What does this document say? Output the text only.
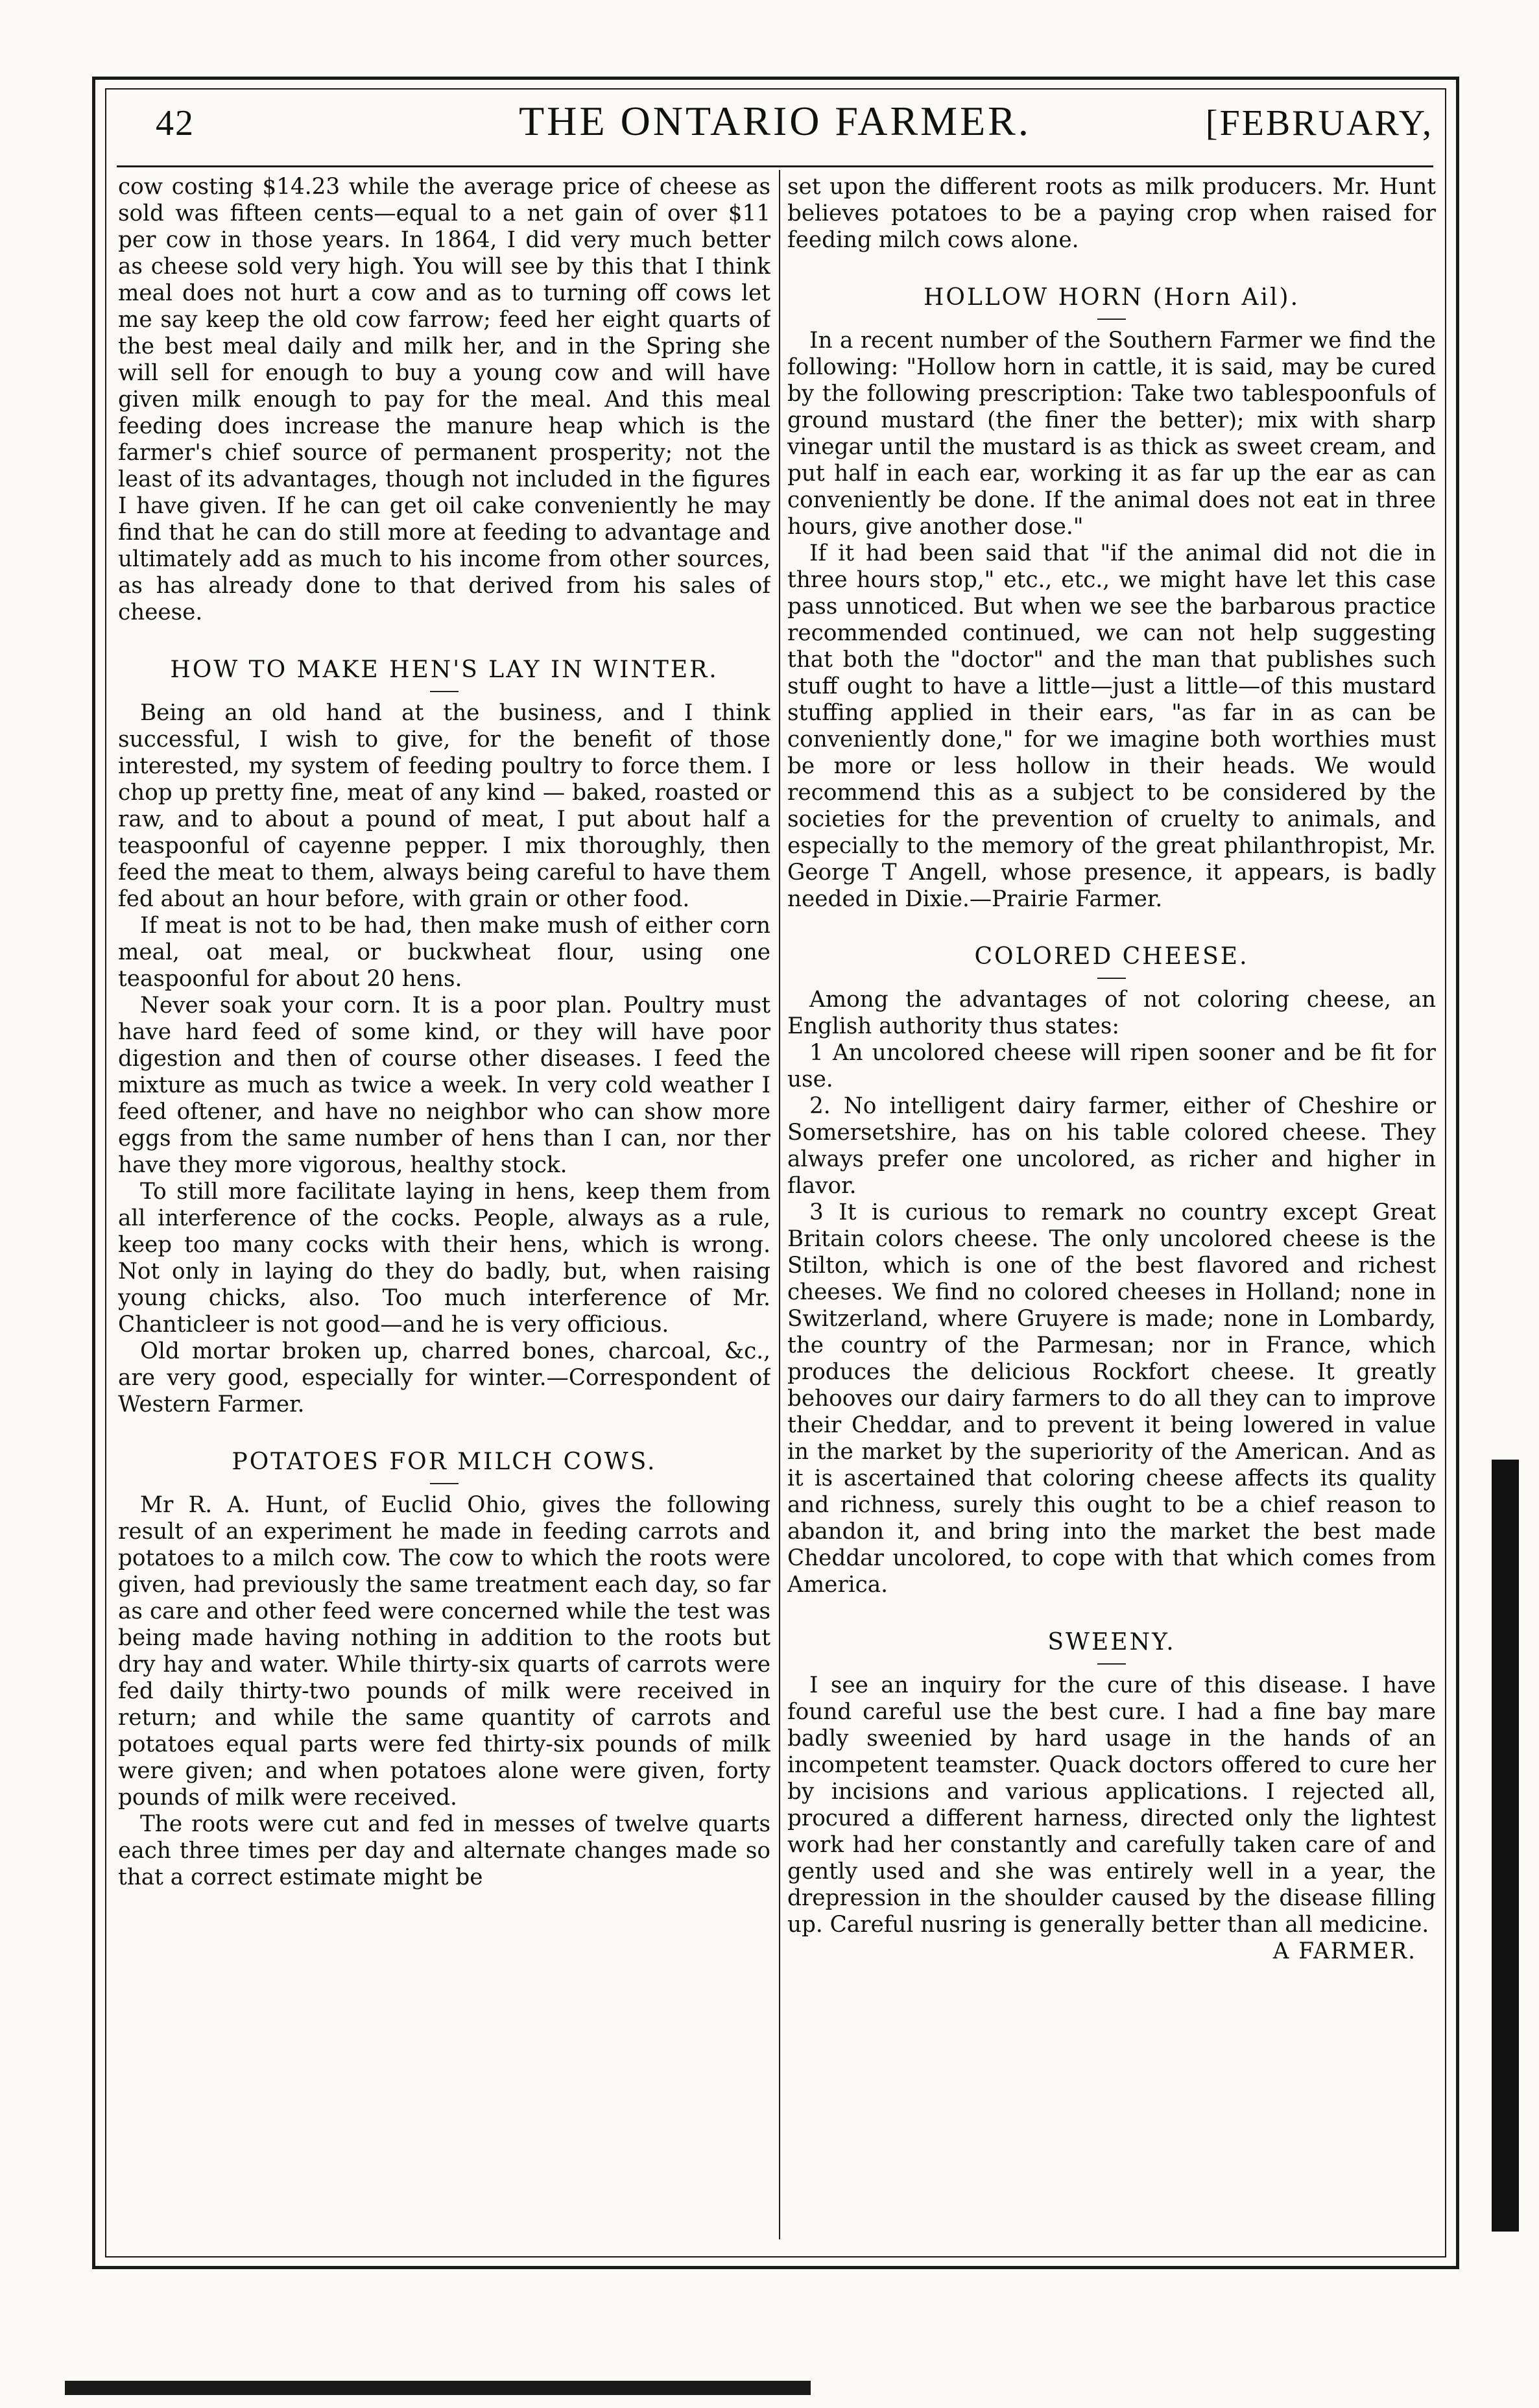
42	THE ONTARIO FARMER.	[FEBRUARY,

cow costing $14.23 while the average price of cheese as sold was fifteen cents—equal to a net gain of over $11 per cow in those years. In 1864, I did very much better as cheese sold very high. You will see by this that I think meal does not hurt a cow and as to turning off cows let me say keep the old cow farrow; feed her eight quarts of the best meal daily and milk her, and in the Spring she will sell for enough to buy a young cow and will have given milk enough to pay for the meal. And this meal feeding does increase the manure heap which is the farmer's chief source of permanent prosperity; not the least of its advantages, though not included in the figures I have given. If he can get oil cake conveniently he may find that he can do still more at feeding to advantage and ultimately add as much to his income from other sources, as has already done to that derived from his sales of cheese.

HOW TO MAKE HEN'S LAY IN WINTER.

Being an old hand at the business, and I think successful, I wish to give, for the benefit of those interested, my system of feeding poultry to force them. I chop up pretty fine, meat of any kind — baked, roasted or raw, and to about a pound of meat, I put about half a teaspoonful of cayenne pepper. I mix thoroughly, then feed the meat to them, always being careful to have them fed about an hour before, with grain or other food.

If meat is not to be had, then make mush of either corn meal, oat meal, or buckwheat flour, using one teaspoonful for about 20 hens.

Never soak your corn. It is a poor plan. Poultry must have hard feed of some kind, or they will have poor digestion and then of course other diseases. I feed the mixture as much as twice a week. In very cold weather I feed oftener, and have no neighbor who can show more eggs from the same number of hens than I can, nor ther have they more vigorous, healthy stock.

To still more facilitate laying in hens, keep them from all interference of the cocks. People, always as a rule, keep too many cocks with their hens, which is wrong. Not only in laying do they do badly, but, when raising young chicks, also. Too much interference of Mr. Chanticleer is not good—and he is very officious.

Old mortar broken up, charred bones, charcoal, &c., are very good, especially for winter.—Correspondent of Western Farmer.

POTATOES FOR MILCH COWS.

Mr R. A. Hunt, of Euclid Ohio, gives the following result of an experiment he made in feeding carrots and potatoes to a milch cow. The cow to which the roots were given, had previously the same treatment each day, so far as care and other feed were concerned while the test was being made having nothing in addition to the roots but dry hay and water. While thirty-six quarts of carrots were fed daily thirty-two pounds of milk were received in return; and while the same quantity of carrots and potatoes equal parts were fed thirty-six pounds of milk were given; and when potatoes alone were given, forty pounds of milk were received.

The roots were cut and fed in messes of twelve quarts each three times per day and alternate changes made so that a correct estimate might be

set upon the different roots as milk producers. Mr. Hunt believes potatoes to be a paying crop when raised for feeding milch cows alone.

HOLLOW HORN (Horn Ail).

In a recent number of the Southern Farmer we find the following: "Hollow horn in cattle, it is said, may be cured by the following prescription: Take two tablespoonfuls of ground mustard (the finer the better); mix with sharp vinegar until the mustard is as thick as sweet cream, and put half in each ear, working it as far up the ear as can conveniently be done. If the animal does not eat in three hours, give another dose."

If it had been said that "if the animal did not die in three hours stop," etc., etc., we might have let this case pass unnoticed. But when we see the barbarous practice recommended continued, we can not help suggesting that both the "doctor" and the man that publishes such stuff ought to have a little—just a little—of this mustard stuffing applied in their ears, "as far in as can be conveniently done," for we imagine both worthies must be more or less hollow in their heads. We would recommend this as a subject to be considered by the societies for the prevention of cruelty to animals, and especially to the memory of the great philanthropist, Mr. George T Angell, whose presence, it appears, is badly needed in Dixie.—Prairie Farmer.

COLORED CHEESE.

Among the advantages of not coloring cheese, an English authority thus states:

1 An uncolored cheese will ripen sooner and be fit for use.

2. No intelligent dairy farmer, either of Cheshire or Somersetshire, has on his table colored cheese. They always prefer one uncolored, as richer and higher in flavor.

3 It is curious to remark no country except Great Britain colors cheese. The only uncolored cheese is the Stilton, which is one of the best flavored and richest cheeses. We find no colored cheeses in Holland; none in Switzerland, where Gruyere is made; none in Lombardy, the country of the Parmesan; nor in France, which produces the delicious Rockfort cheese. It greatly behooves our dairy farmers to do all they can to improve their Cheddar, and to prevent it being lowered in value in the market by the superiority of the American. And as it is ascertained that coloring cheese affects its quality and richness, surely this ought to be a chief reason to abandon it, and bring into the market the best made Cheddar uncolored, to cope with that which comes from America.

SWEENY.

I see an inquiry for the cure of this disease. I have found careful use the best cure. I had a fine bay mare badly sweenied by hard usage in the hands of an incompetent teamster. Quack doctors offered to cure her by incisions and various applications. I rejected all, procured a different harness, directed only the lightest work had her constantly and carefully taken care of and gently used and she was entirely well in a year, the drepression in the shoulder caused by the disease filling up. Careful nusring is generally better than all medicine.

A FARMER.
